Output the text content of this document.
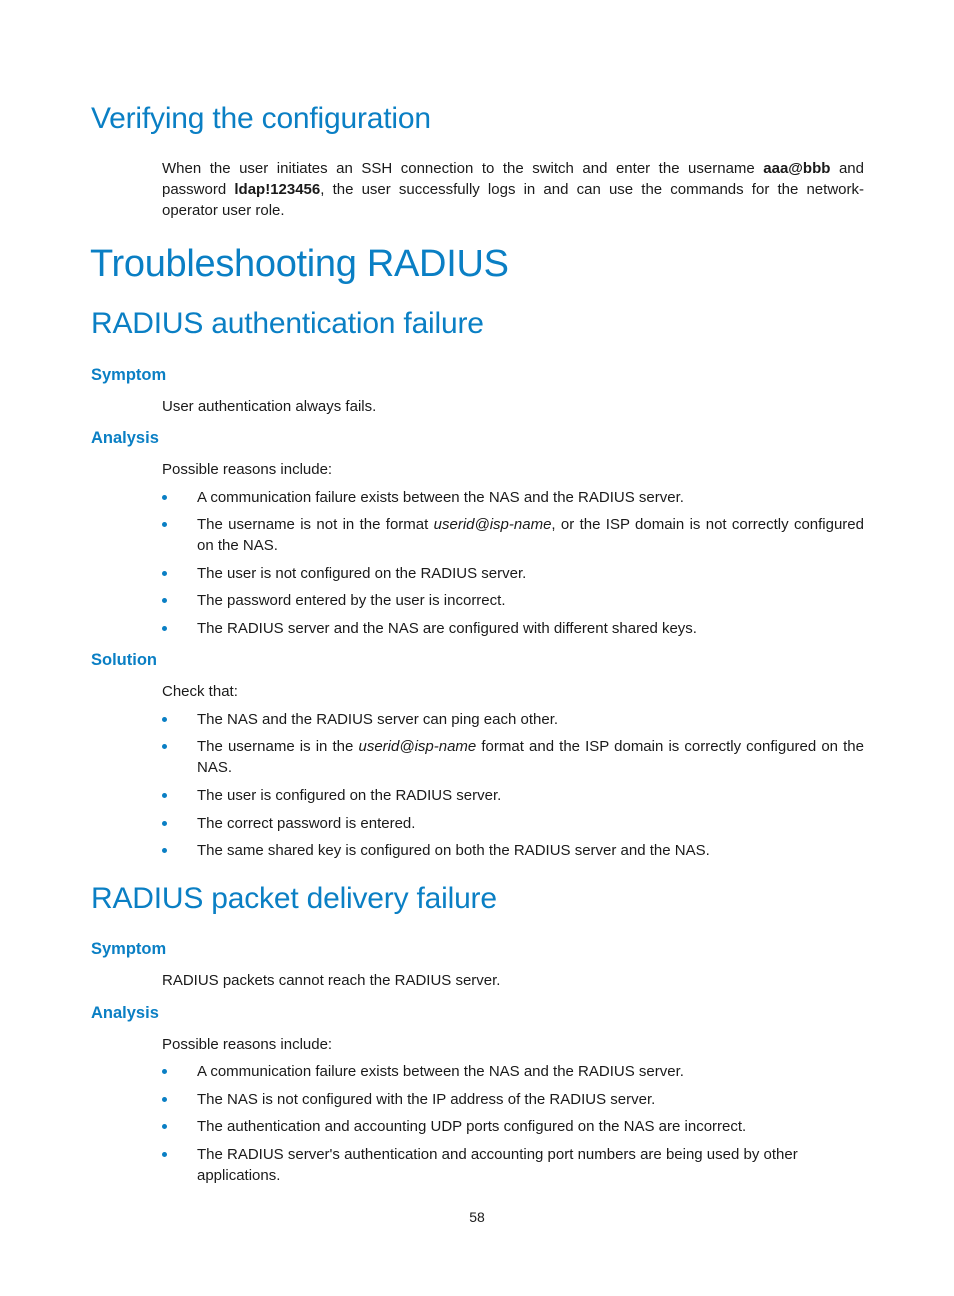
Verifying the configuration

When the user initiates an SSH connection to the switch and enter the username aaa@bbb and password ldap!123456, the user successfully logs in and can use the commands for the network-operator user role.

Troubleshooting RADIUS
RADIUS authentication failure
Symptom

User authentication always fails.

Analysis

Possible reasons include:

A communication failure exists between the NAS and the RADIUS server.
The username is not in the format userid@isp-name, or the ISP domain is not correctly configured on the NAS.
The user is not configured on the RADIUS server.
The password entered by the user is incorrect.
The RADIUS server and the NAS are configured with different shared keys.
Solution

Check that:

The NAS and the RADIUS server can ping each other.
The username is in the userid@isp-name format and the ISP domain is correctly configured on the NAS.
The user is configured on the RADIUS server.
The correct password is entered.
The same shared key is configured on both the RADIUS server and the NAS.
RADIUS packet delivery failure
Symptom

RADIUS packets cannot reach the RADIUS server.

Analysis

Possible reasons include:

A communication failure exists between the NAS and the RADIUS server.
The NAS is not configured with the IP address of the RADIUS server.
The authentication and accounting UDP ports configured on the NAS are incorrect.
The RADIUS server's authentication and accounting port numbers are being used by other applications.
58
